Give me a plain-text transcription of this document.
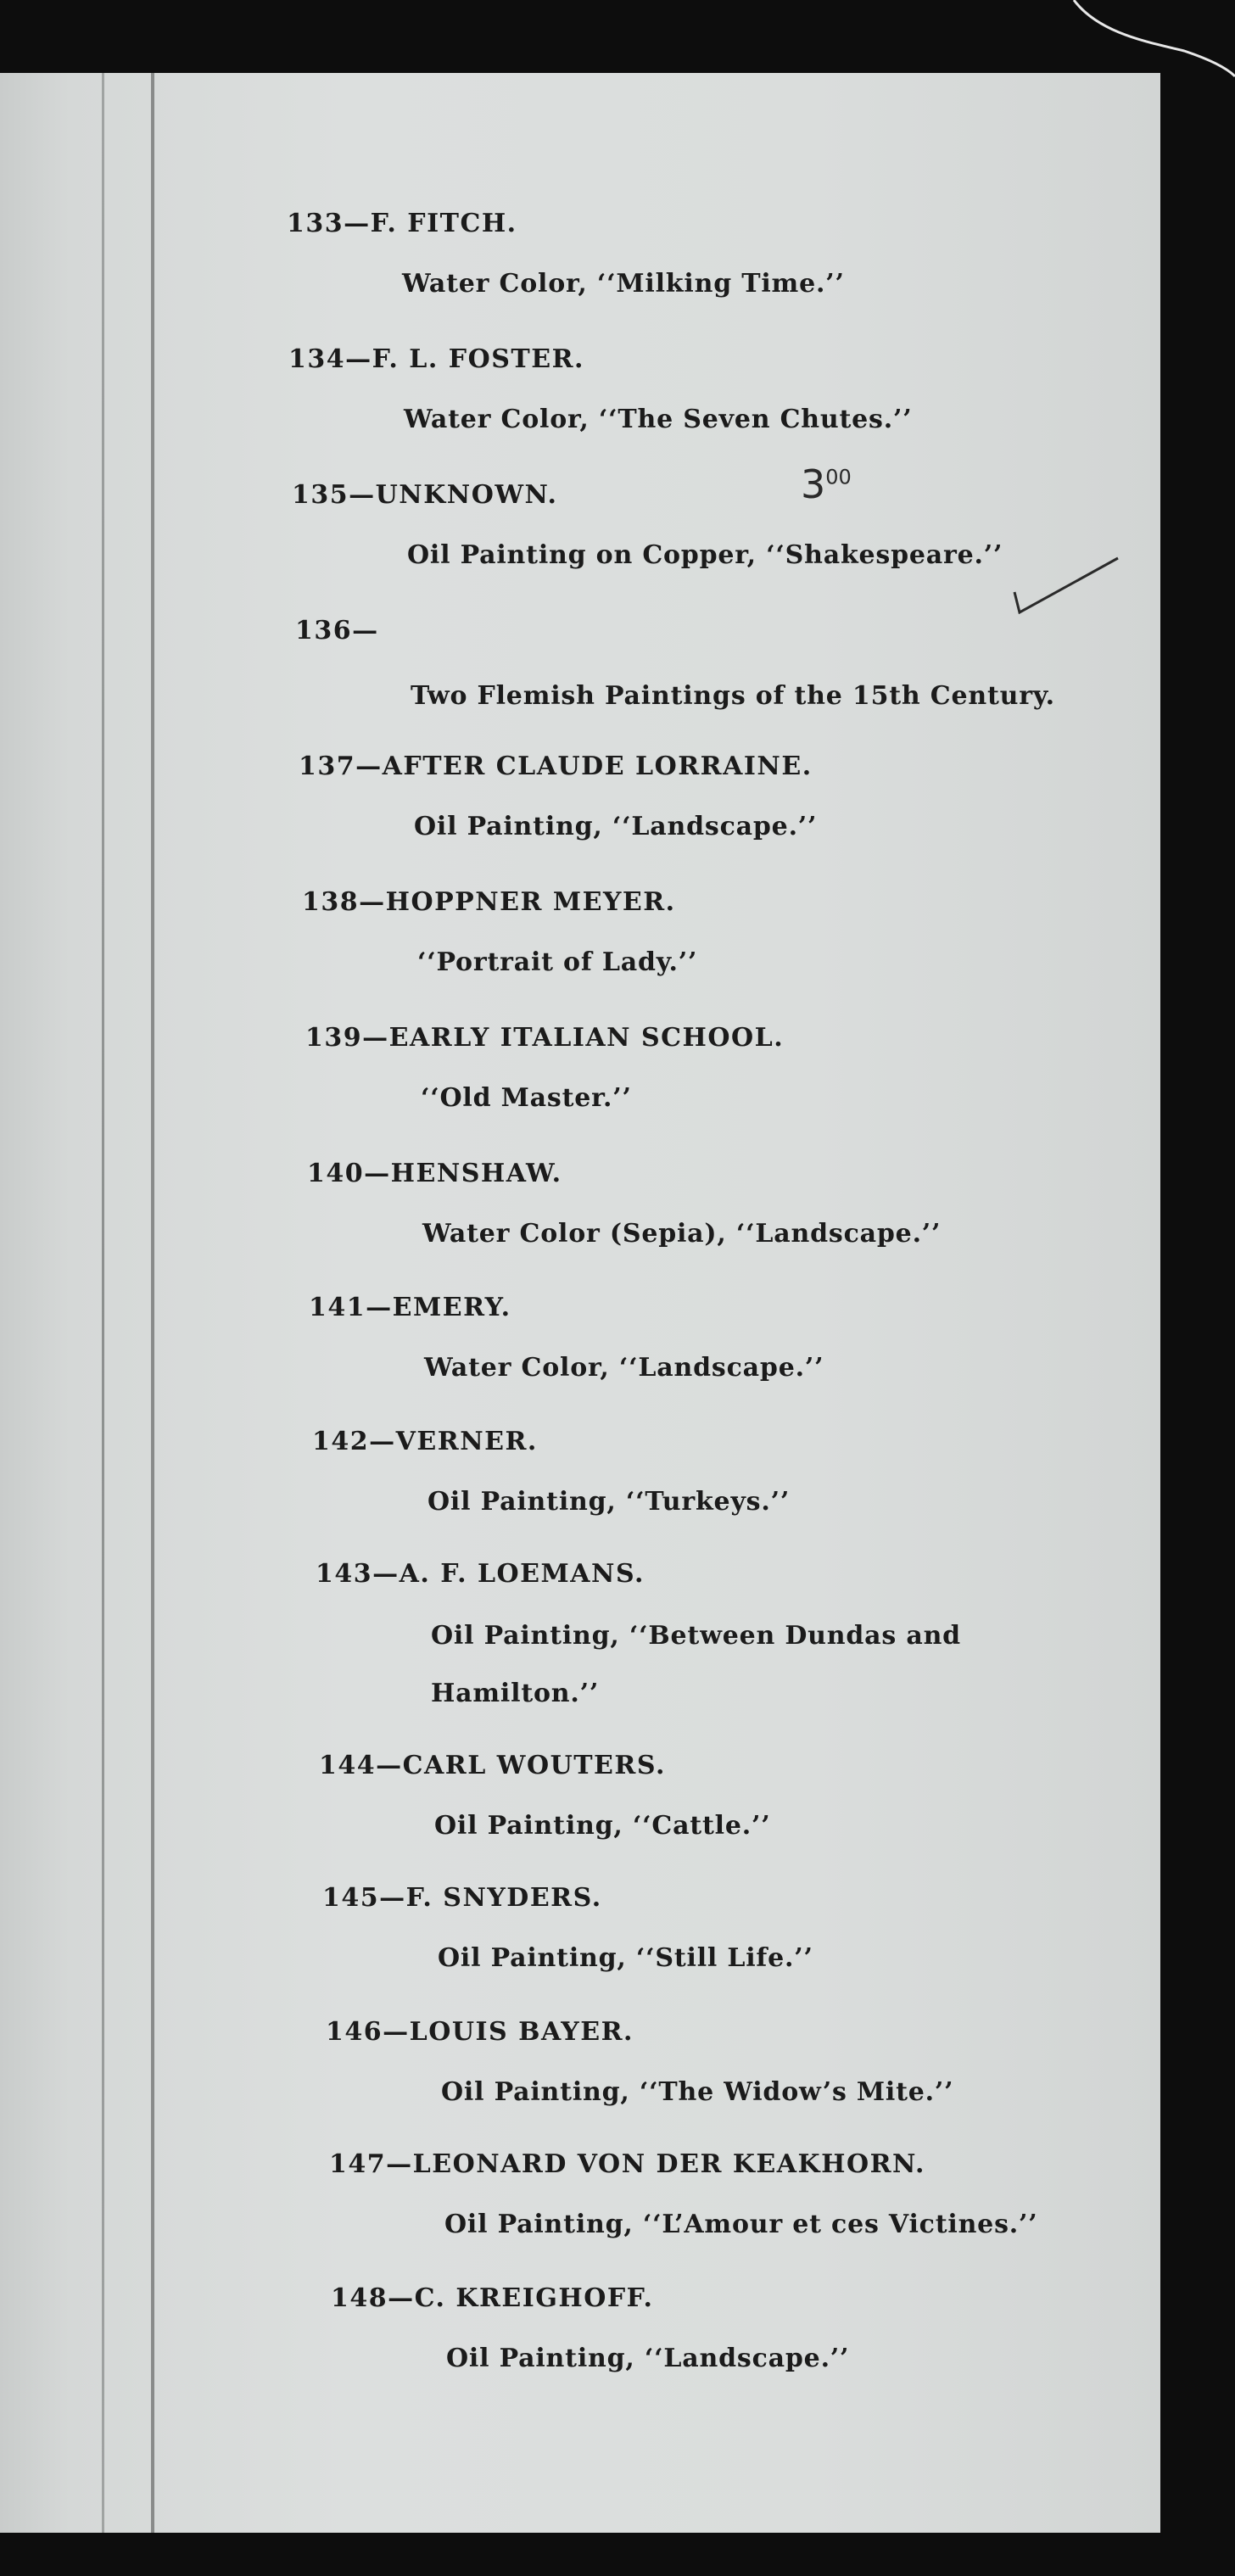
133—F. FITCH.
Water Color, ‘‘Milking Time.’’
134—F. L. FOSTER.
Water Color, ‘‘The Seven Chutes.’’
135—UNKNOWN.
Oil Painting on Copper, ‘‘Shakespeare.’’
$3^{00}$
136—
Two Flemish Paintings of the 15th Century.
137—AFTER CLAUDE LORRAINE.
Oil Painting, ‘‘Landscape.’’
138—HOPPNER MEYER.
‘‘Portrait of Lady.’’
139—EARLY ITALIAN SCHOOL.
‘‘Old Master.’’
140—HENSHAW.
Water Color (Sepia), ‘‘Landscape.’’
141—EMERY.
Water Color, ‘‘Landscape.’’
142—VERNER.
Oil Painting, ‘‘Turkeys.’’
143—A. F. LOEMANS.
Oil Painting, ‘‘Between Dundas and Hamilton.’’
144—CARL WOUTERS.
Oil Painting, ‘‘Cattle.’’
145—F. SNYDERS.
Oil Painting, ‘‘Still Life.’’
146—LOUIS BAYER.
Oil Painting, ‘‘The Widow’s Mite.’’
147—LEONARD VON DER KEAKHORN.
Oil Painting, ‘‘L’Amour et ces Victines.’’
148—C. KREIGHOFF.
Oil Painting, ‘‘Landscape.’’
